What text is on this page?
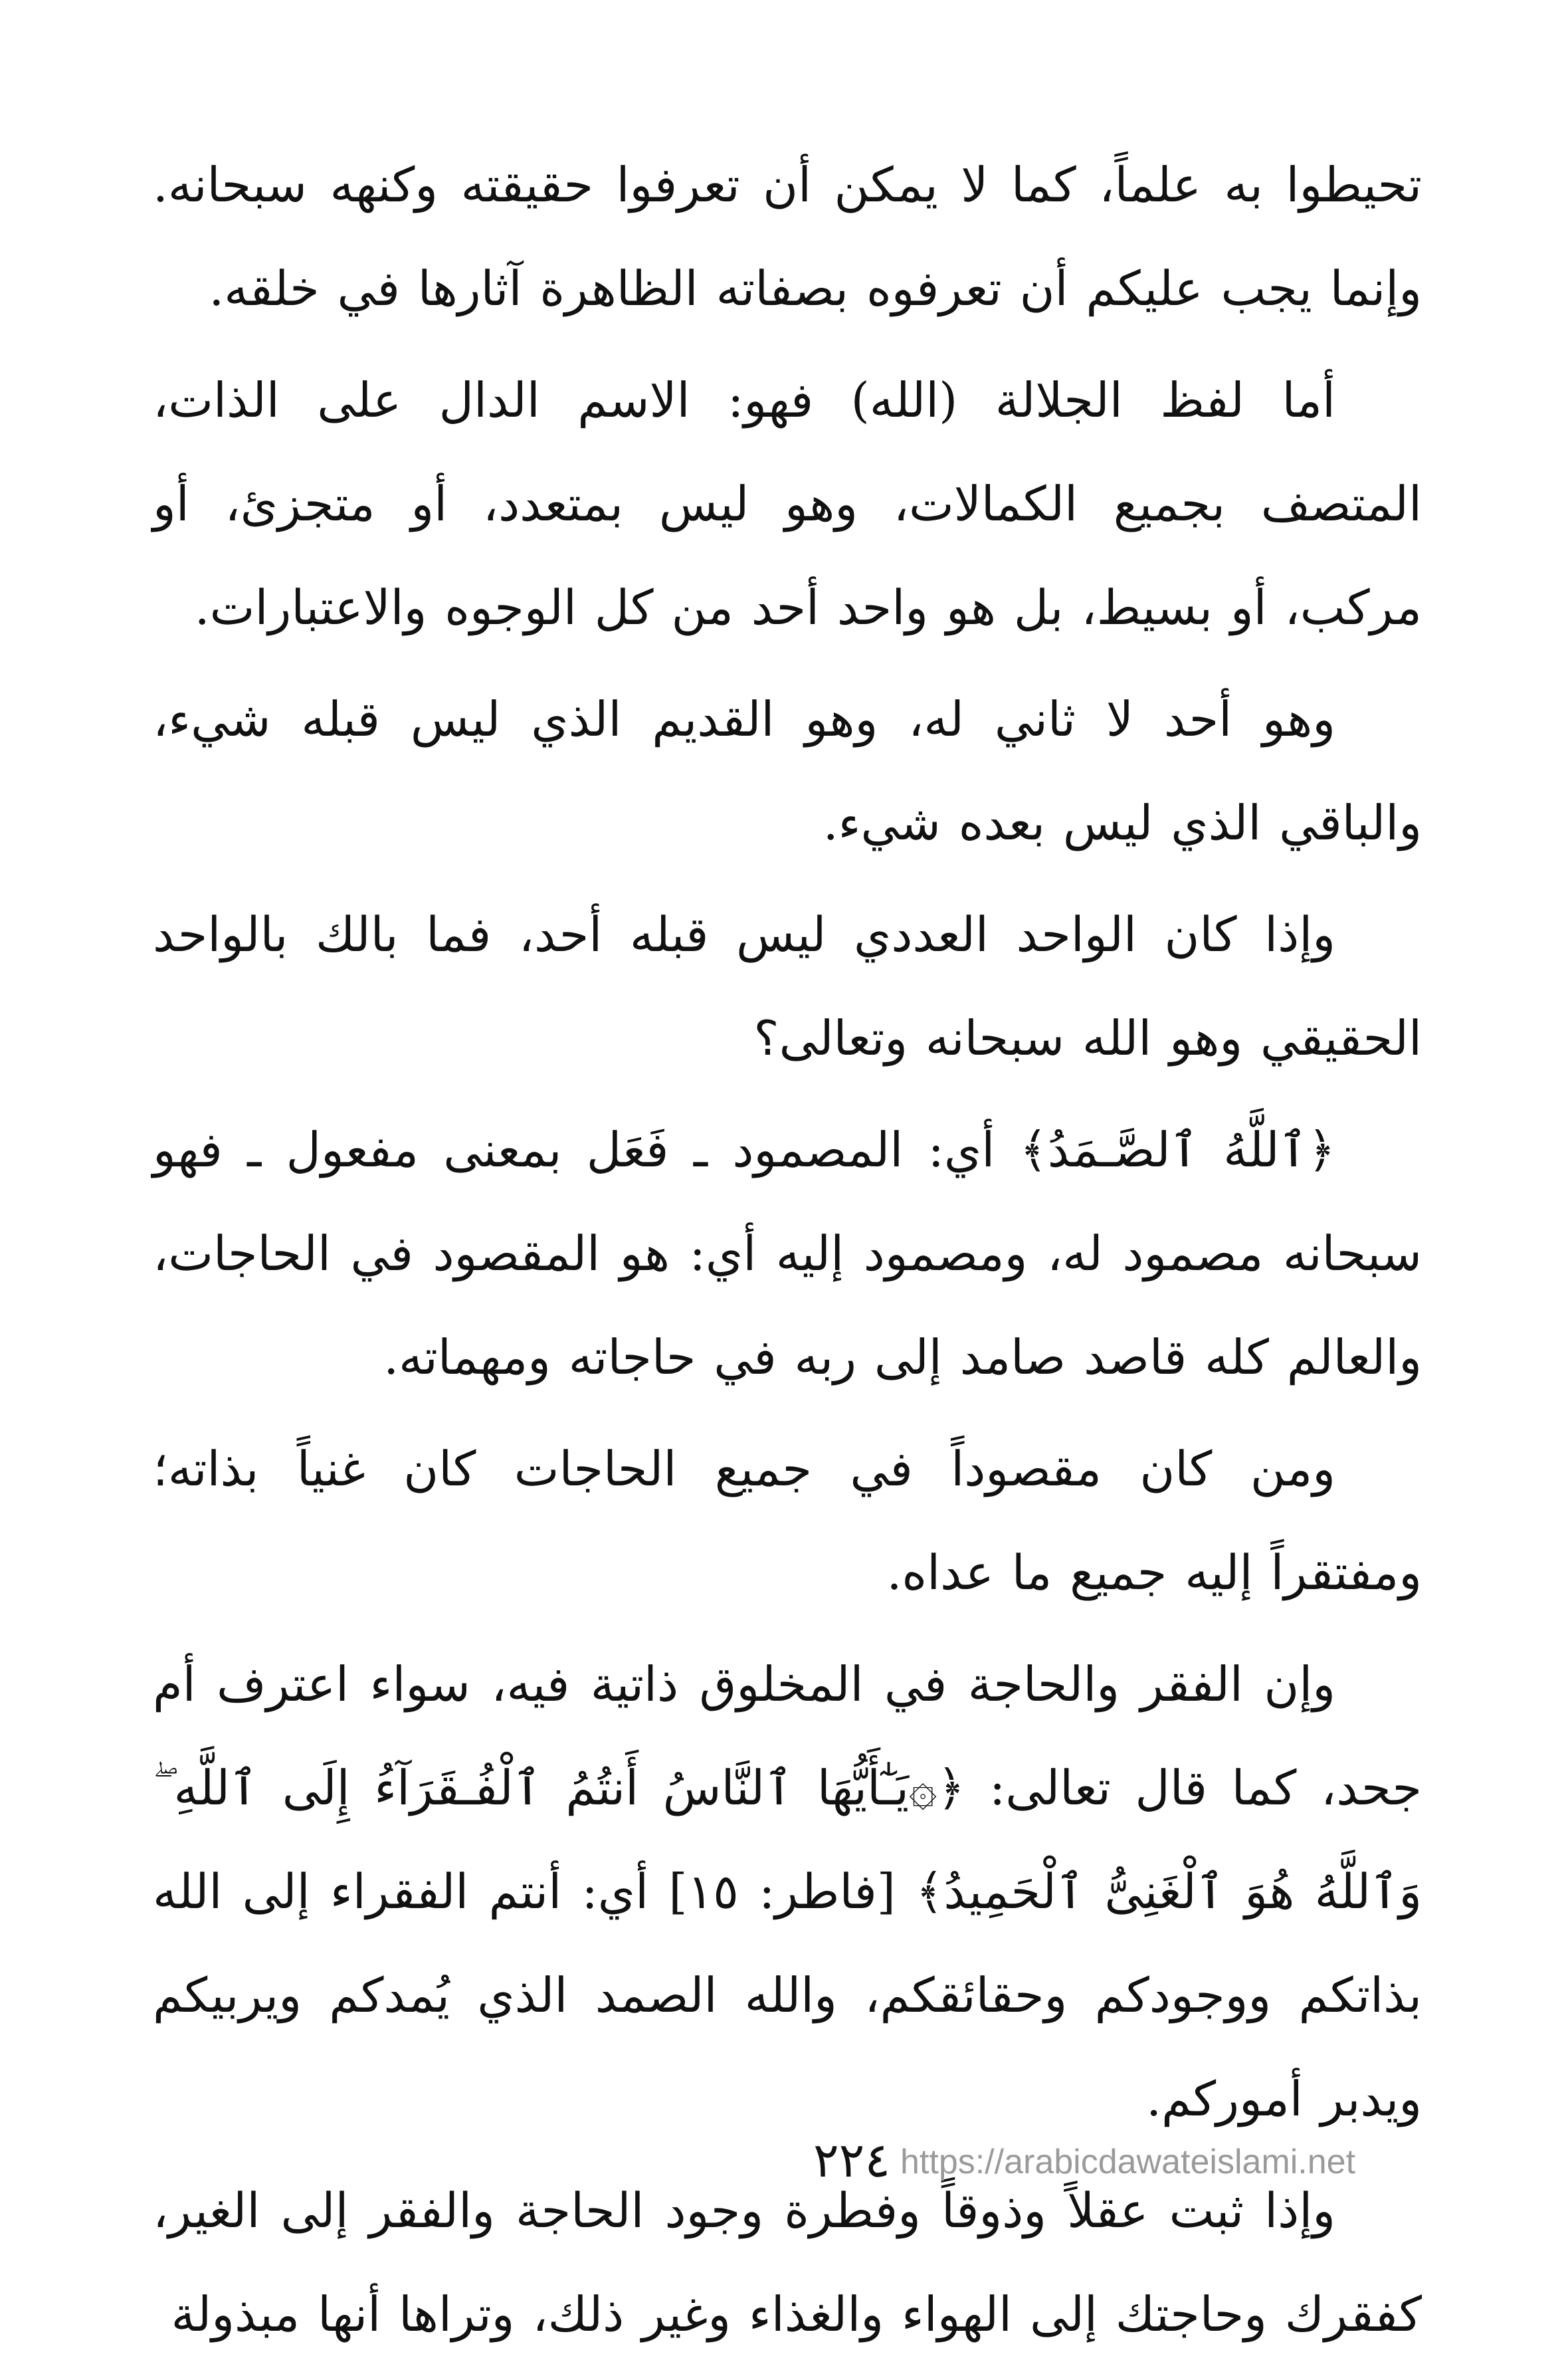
تحيطوا به علماً، كما لا يمكن أن تعرفوا حقيقته وكنهه سبحانه. وإنما يجب عليكم أن تعرفوه بصفاته الظاهرة آثارها في خلقه.

أما لفظ الجلالة (الله) فهو: الاسم الدال على الذات، المتصف بجميع الكمالات، وهو ليس بمتعدد، أو متجزئ، أو مركب، أو بسيط، بل هو واحد أحد من كل الوجوه والاعتبارات.

وهو أحد لا ثاني له، وهو القديم الذي ليس قبله شيء، والباقي الذي ليس بعده شيء.

وإذا كان الواحد العددي ليس قبله أحد، فما بالك بالواحد الحقيقي وهو الله سبحانه وتعالى؟

﴿ٱللَّهُ ٱلصَّـمَدُ﴾ أي: المصمود ـ فَعَل بمعنى مفعول ـ فهو سبحانه مصمود له، ومصمود إليه أي: هو المقصود في الحاجات، والعالم كله قاصد صامد إلى ربه في حاجاته ومهماته.

ومن كان مقصوداً في جميع الحاجات كان غنياً بذاته؛ ومفتقراً إليه جميع ما عداه.

وإن الفقر والحاجة في المخلوق ذاتية فيه، سواء اعترف أم جحد، كما قال تعالى: ﴿۞يَـٰٓأَيُّهَا ٱلنَّاسُ أَنتُمُ ٱلْفُـقَرَآءُ إِلَى ٱللَّهِ ۖ وَٱللَّهُ هُوَ ٱلْغَنِىُّ ٱلْحَمِيدُ﴾ [فاطر: ١٥] أي: أنتم الفقراء إلى الله بذاتكم ووجودكم وحقائقكم، والله الصمد الذي يُمدكم ويربيكم ويدبر أموركم.

وإذا ثبت عقلاً وذوقاً وفطرة وجود الحاجة والفقر إلى الغير، كفقرك وحاجتك إلى الهواء والغذاء وغير ذلك، وتراها أنها مبذولة

٢٢٤ https://arabicdawateislami.net
